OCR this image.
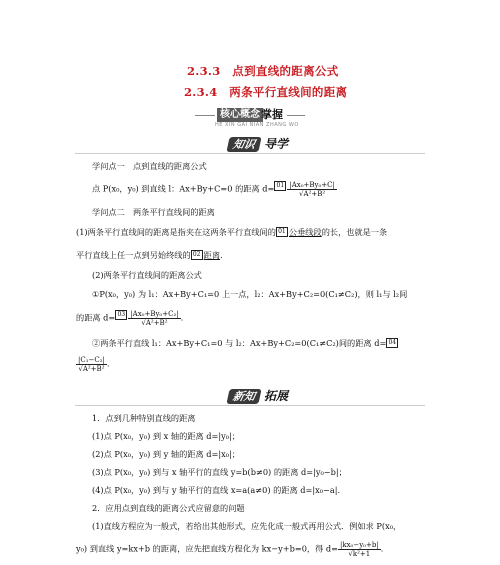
2.3.3　点到直线的距离公式
2.3.4　两条平行直线间的距离
核心概念 掌握
HE XIN GAI NIAN ZHANG WO
知识 导学
学问点一　点到直线的距离公式
点 P(x₀，y₀) 到直线 l：Ax+By+C=0 的距离 $d= 01 \frac{\text{|Ax₀+By₀+C|}}{\text{√A²+B²}}$
学问点二　两条平行直线间的距离
(1)两条平行直线间的距离是指夹在这两条平行直线间的 01 公垂线段的长，也就是一条
平行直线上任一点到另始终线的 02 距离.
(2)两条平行直线间的距离公式
①P(x₀，y₀) 为 l₁：Ax+By+C₁=0 上一点，l₂：Ax+By+C₂=0(C₁≠C₂)，则 l₁与 l₂间
的距离 $d= 03 \frac{\text{|Ax₀+By₀+C₂|}}{\text{√A²+B²}}$ .
②两条平行直线 l₁：Ax+By+C₁=0 与 l₂：Ax+By+C₂=0(C₁≠C₂)间的距离 d= 04
$\frac{\text{|C₁−C₂|}}{\text{√A²+B²}}$ .
新知 拓展
1．点到几种特别直线的距离
(1)点 P(x₀，y₀) 到 x 轴的距离 d=|y₀|；
(2)点 P(x₀，y₀) 到 y 轴的距离 d=|x₀|；
(3)点 P(x₀，y₀) 到与 x 轴平行的直线 y=b(b≠0) 的距离 d=|y₀−b|；
(4)点 P(x₀，y₀) 到与 y 轴平行的直线 x=a(a≠0) 的距离 d=|x₀−a|.
2．应用点到直线的距离公式应留意的问题
(1)直线方程应为一般式，若给出其他形式，应先化成一般式再用公式．例如求 P(x₀，
y₀) 到直线 y=kx+b 的距离，应先把直线方程化为 kx−y+b=0，得 $d= \frac{\text{|kx₀−y₀+b|}}{\text{√k²+1}}$ .
